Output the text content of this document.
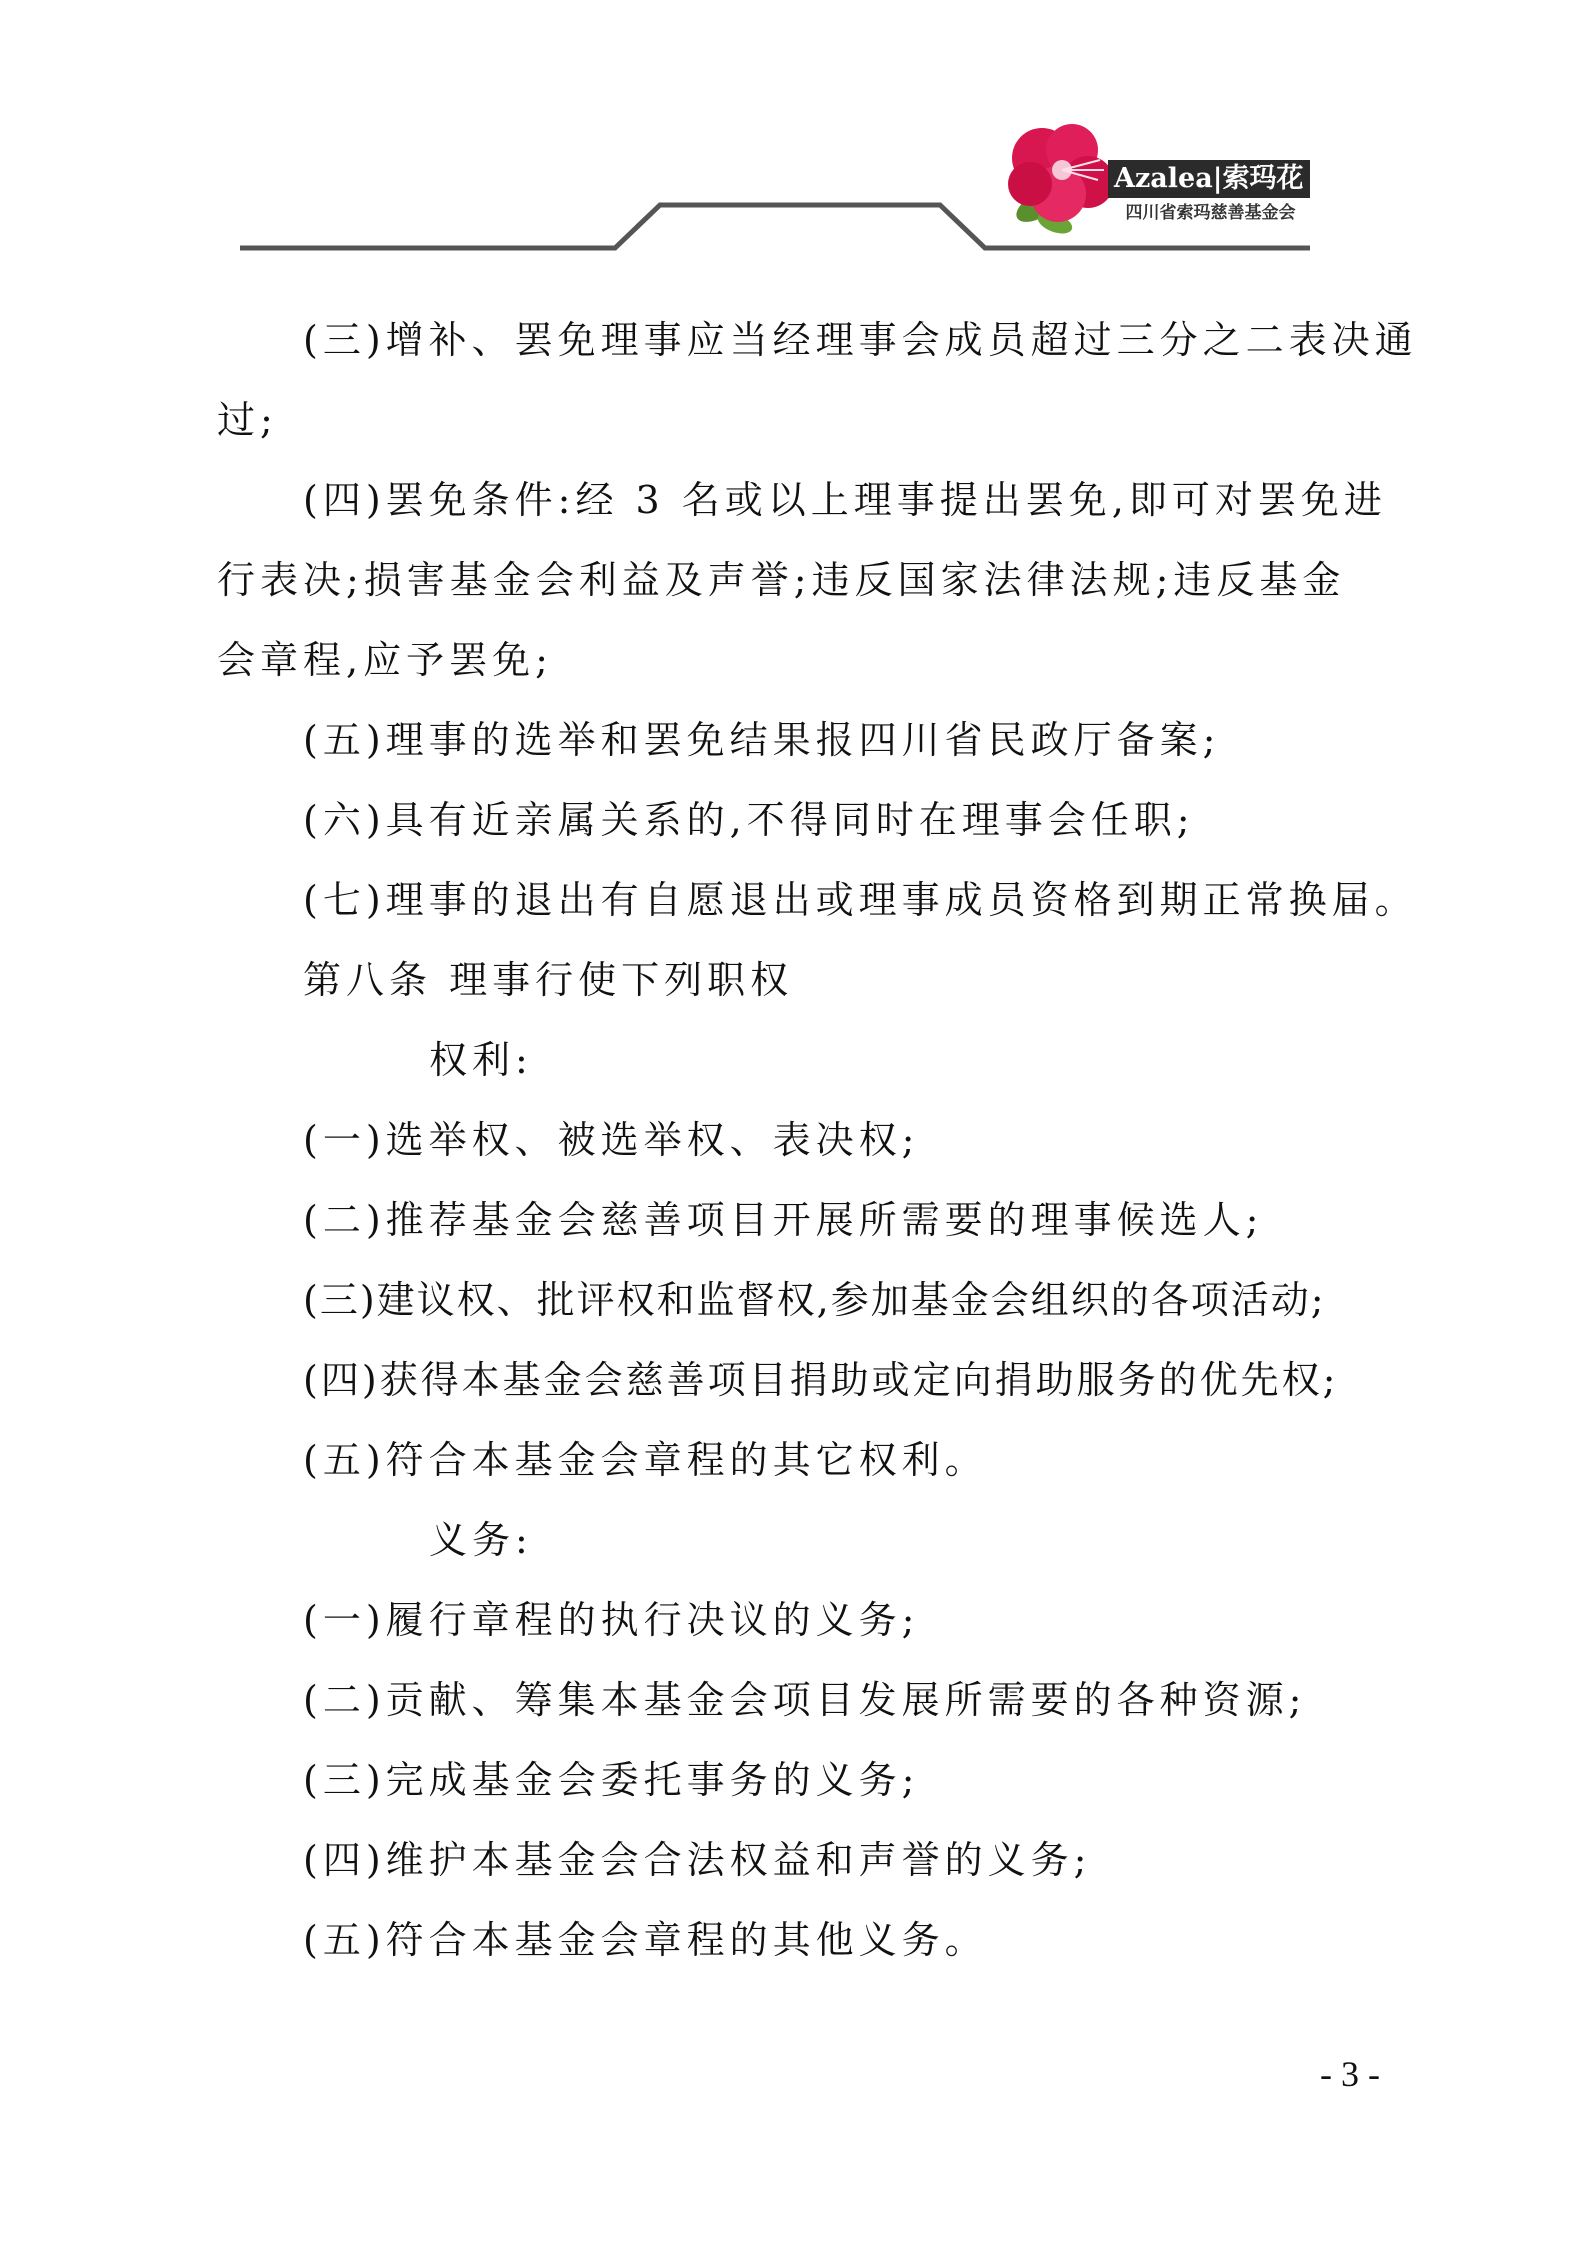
Azalea|索玛花
四川省索玛慈善基金会

(三)增补、罢免理事应当经理事会成员超过三分之二表决通

过;

(四)罢免条件:经 3 名或以上理事提出罢免,即可对罢免进

行表决;损害基金会利益及声誉;违反国家法律法规;违反基金

会章程,应予罢免;

(五)理事的选举和罢免结果报四川省民政厅备案;

(六)具有近亲属关系的,不得同时在理事会任职;

(七)理事的退出有自愿退出或理事成员资格到期正常换届。

第八条 理事行使下列职权

权利:

(一)选举权、被选举权、表决权;

(二)推荐基金会慈善项目开展所需要的理事候选人;

(三)建议权、批评权和监督权,参加基金会组织的各项活动;

(四)获得本基金会慈善项目捐助或定向捐助服务的优先权;

(五)符合本基金会章程的其它权利。

义务:

(一)履行章程的执行决议的义务;

(二)贡献、筹集本基金会项目发展所需要的各种资源;

(三)完成基金会委托事务的义务;

(四)维护本基金会合法权益和声誉的义务;

(五)符合本基金会章程的其他义务。

- 3 -
